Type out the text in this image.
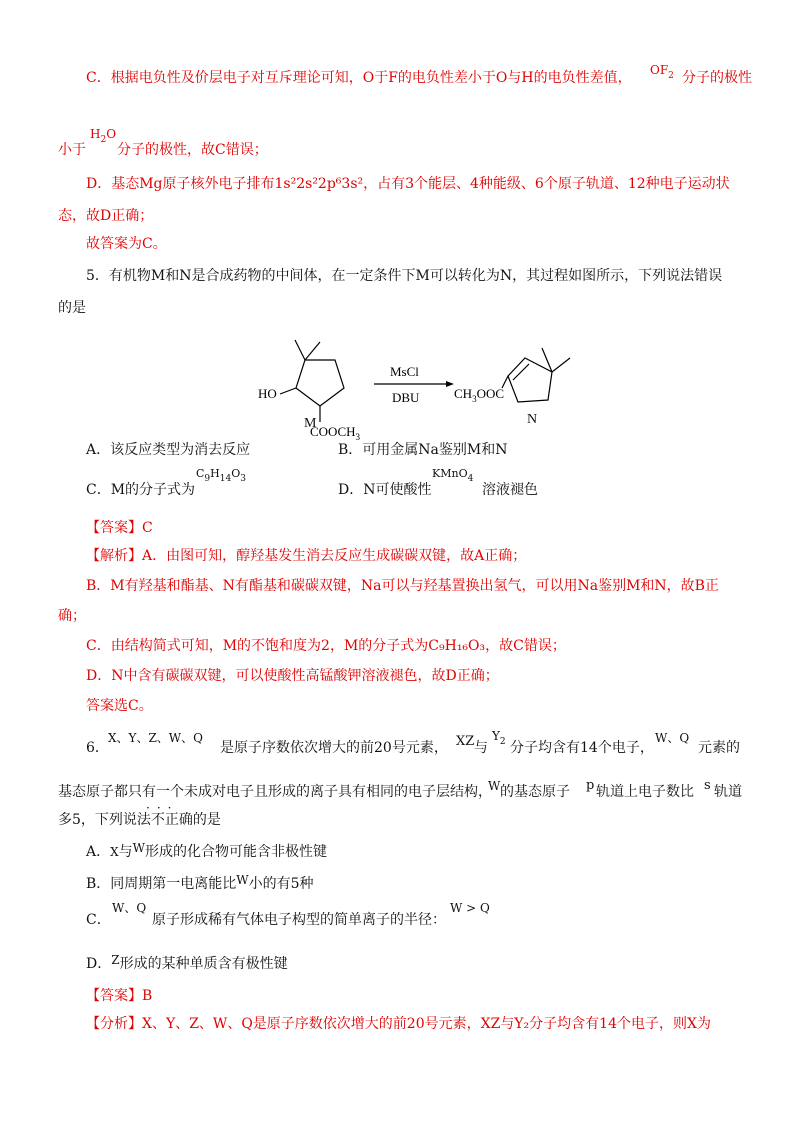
C．根据电负性及价层电子对互斥理论可知，O于F的电负性差小于O与H的电负性差值， $OF_2$ 分子的极性
小于
$H_2O$
分子的极性，故C错误；
D．基态Mg原子核外电子排布1s²2s²2p⁶3s²，占有3个能层、4种能级、6个原子轨道、12种电子运动状
态，故D正确；
故答案为C。
5．有机物M和N是合成药物的中间体，在一定条件下M可以转化为N，其过程如图所示，下列说法错误
的是
HO
$COOCH_3$
MsCl
DBU	$CH_3OOC$
M	N
A．该反应类型为消去反应	B．可用金属Na鉴别M和N
C．M的分子式为
$C_9H_{14}O_3$
D．N可使酸性
KMnO$_4$
溶液褪色
【答案】C
【解析】A．由图可知，醇羟基发生消去反应生成碳碳双键，故A正确；
B．M有羟基和酯基、N有酯基和碳碳双键，Na可以与羟基置换出氢气，可以用Na鉴别M和N，故B正
确；
C．由结构简式可知，M的不饱和度为2，M的分子式为C₉H₁₆O₃，故C错误；
D．N中含有碳碳双键，可以使酸性高锰酸钾溶液褪色，故D正确；
答案选C。
6．
X、Y、Z、W、Q
是原子序数依次增大的前20号元素， XZ 与
$Y_2$ 分子均含有14个电子，
W、Q
元素的
基态原子都只有一个未成对电子且形成的离子具有相同的电子层结构，
W 的基态原子 p 轨道上电子数比 s 轨道
多5，下列说法不正确的是
···
A．X与W形成的化合物可能含非极性键
B．同周期第一电离能比W小的有5种
C．
W、Q
原子形成稀有气体电子构型的简单离子的半径：
W > Q
D．Z形成的某种单质含有极性键
【答案】B
【分析】X、Y、Z、W、Q是原子序数依次增大的前20号元素，XZ与Y₂分子均含有14个电子，则X为
